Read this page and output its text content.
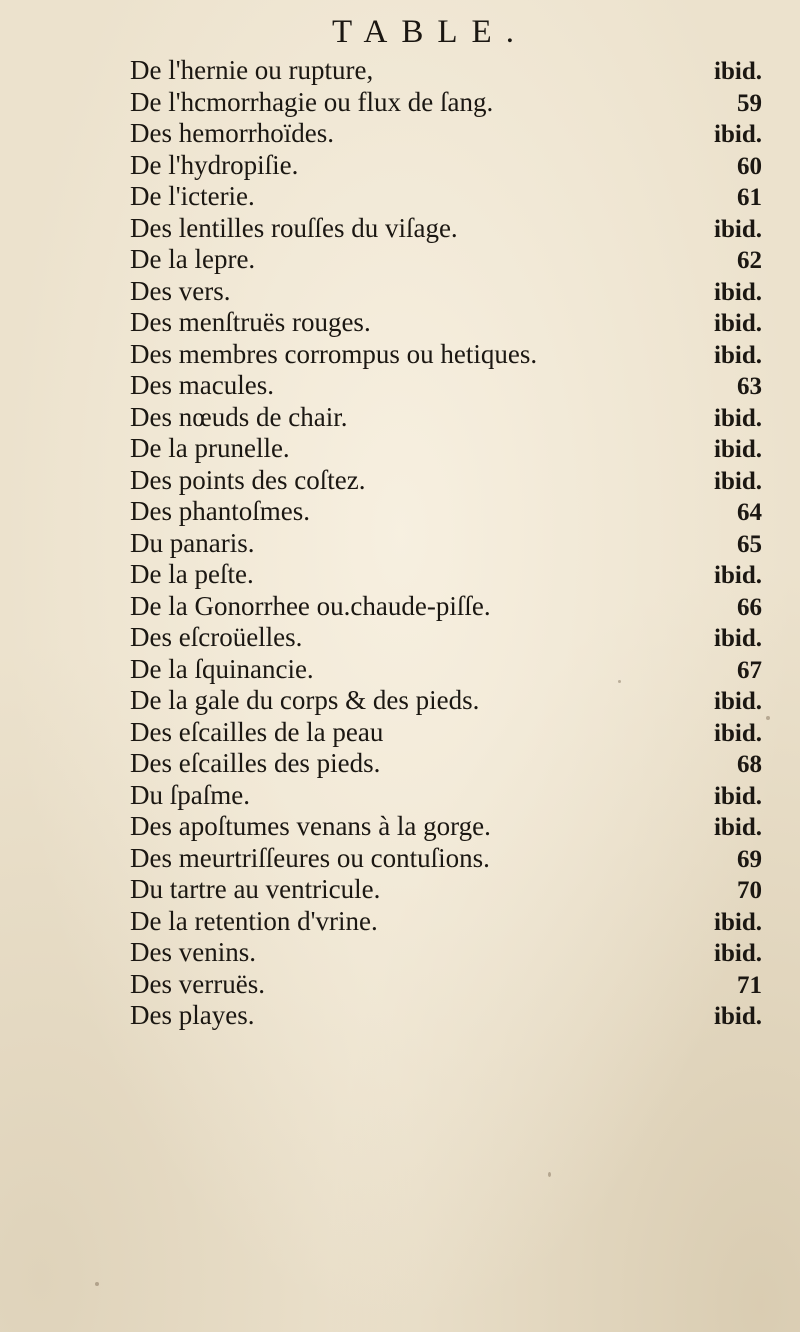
TABLE.
De l'hernie ou rupture,	ibid.
De l'hcmorrhagie ou flux de ſang.	59
Des hemorrhoïdes.	ibid.
De l'hydropiſie.	60
De l'icterie.	61
Des lentilles rouſſes du viſage.	ibid.
De la lepre.	62
Des vers.	ibid.
Des menſtruës rouges.	ibid.
Des membres corrompus ou hetiques.	ibid.
Des macules.	63
Des nœuds de chair.	ibid.
De la prunelle.	ibid.
Des points des coſtez.	ibid.
Des phantoſmes.	64
Du panaris.	65
De la peſte.	ibid.
De la Gonorrhee ou.chaude-piſſe.	66
Des eſcroüelles.	ibid.
De la ſquinancie.	67
De la gale du corps & des pieds.	ibid.
Des eſcailles de la peau	ibid.
Des eſcailles des pieds.	68
Du ſpaſme.	ibid.
Des apoſtumes venans à la gorge.	ibid.
Des meurtriſſeures ou contuſions.	69
Du tartre au ventricule.	70
De la retention d'vrine.	ibid.
Des venins.	ibid.
Des verruës.	71
Des playes.	ibid.
